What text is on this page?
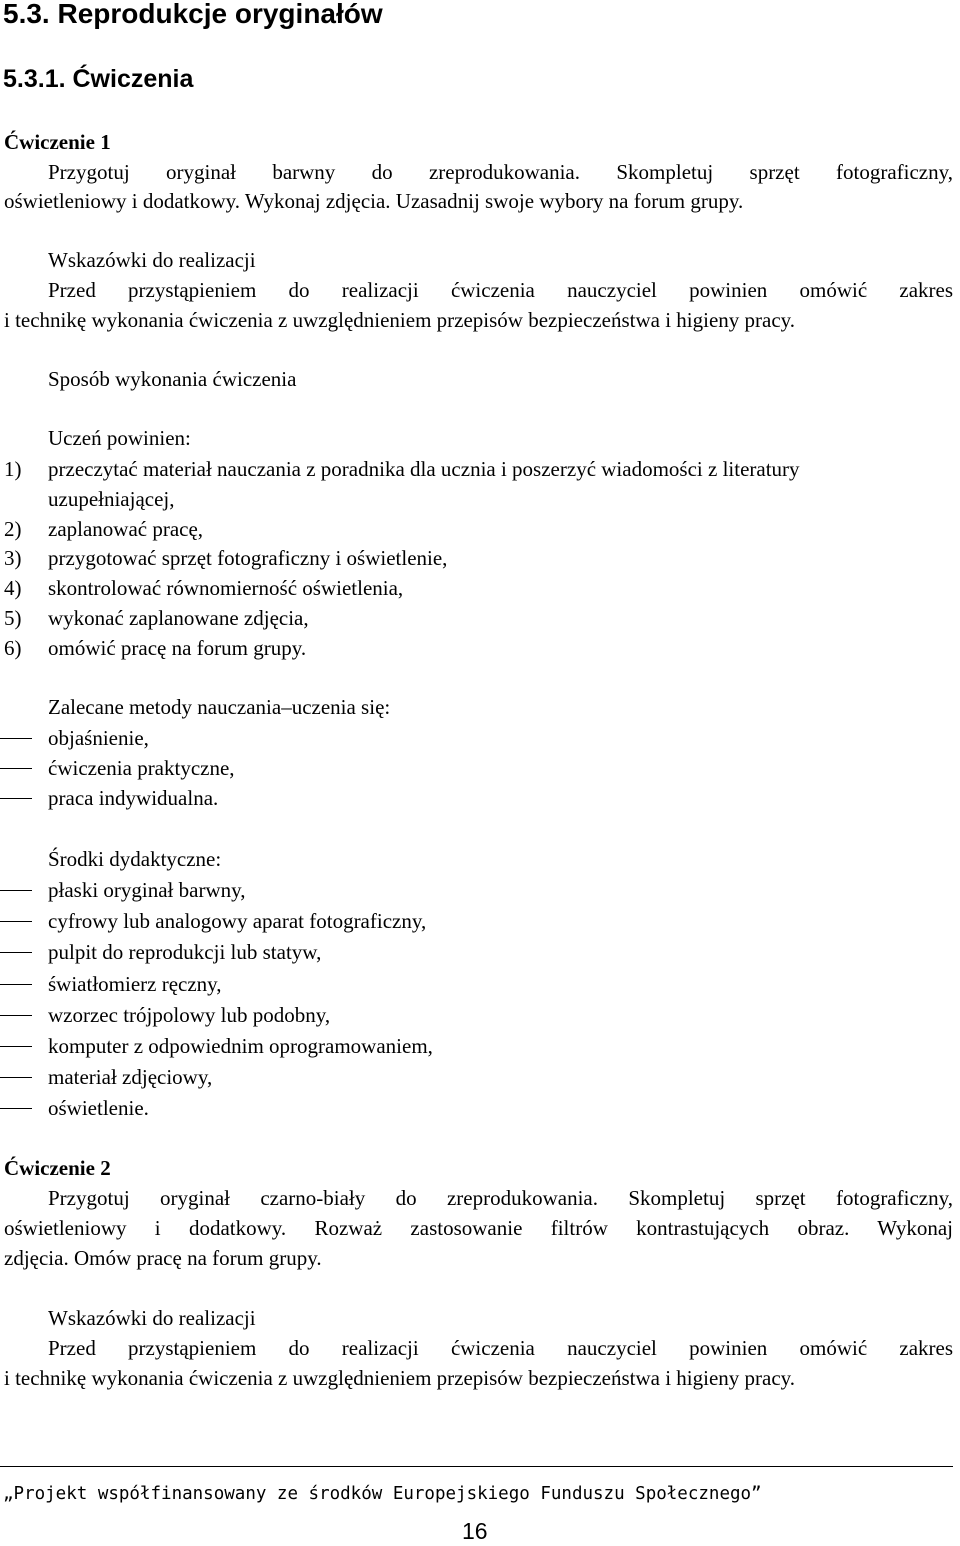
5.3. Reprodukcje oryginałów
5.3.1. Ćwiczenia
Ćwiczenie 1
Przygotuj oryginał barwny do zreprodukowania. Skompletuj sprzęt fotograficzny,
oświetleniowy i dodatkowy. Wykonaj zdjęcia. Uzasadnij swoje wybory na forum grupy.
Wskazówki do realizacji
Przed przystąpieniem do realizacji ćwiczenia nauczyciel powinien omówić zakres
i technikę wykonania ćwiczenia z uwzględnieniem przepisów bezpieczeństwa i higieny pracy.
Sposób wykonania ćwiczenia
Uczeń powinien:
1) przeczytać materiał nauczania z poradnika dla ucznia i poszerzyć wiadomości z literatury
uzupełniającej,
2) zaplanować pracę,
3) przygotować sprzęt fotograficzny i oświetlenie,
4) skontrolować równomierność oświetlenia,
5) wykonać zaplanowane zdjęcia,
6) omówić pracę na forum grupy.
Zalecane metody nauczania–uczenia się:
objaśnienie,
ćwiczenia praktyczne,
praca indywidualna.
Środki dydaktyczne:
płaski oryginał barwny,
cyfrowy lub analogowy aparat fotograficzny,
pulpit do reprodukcji lub statyw,
światłomierz ręczny,
wzorzec trójpolowy lub podobny,
komputer z odpowiednim oprogramowaniem,
materiał zdjęciowy,
oświetlenie.
Ćwiczenie 2
Przygotuj oryginał czarno-biały do zreprodukowania. Skompletuj sprzęt fotograficzny,
oświetleniowy i dodatkowy. Rozważ zastosowanie filtrów kontrastujących obraz. Wykonaj
zdjęcia. Omów pracę na forum grupy.
Wskazówki do realizacji
Przed przystąpieniem do realizacji ćwiczenia nauczyciel powinien omówić zakres
i technikę wykonania ćwiczenia z uwzględnieniem przepisów bezpieczeństwa i higieny pracy.
„Projekt współfinansowany ze środków Europejskiego Funduszu Społecznego”
16
